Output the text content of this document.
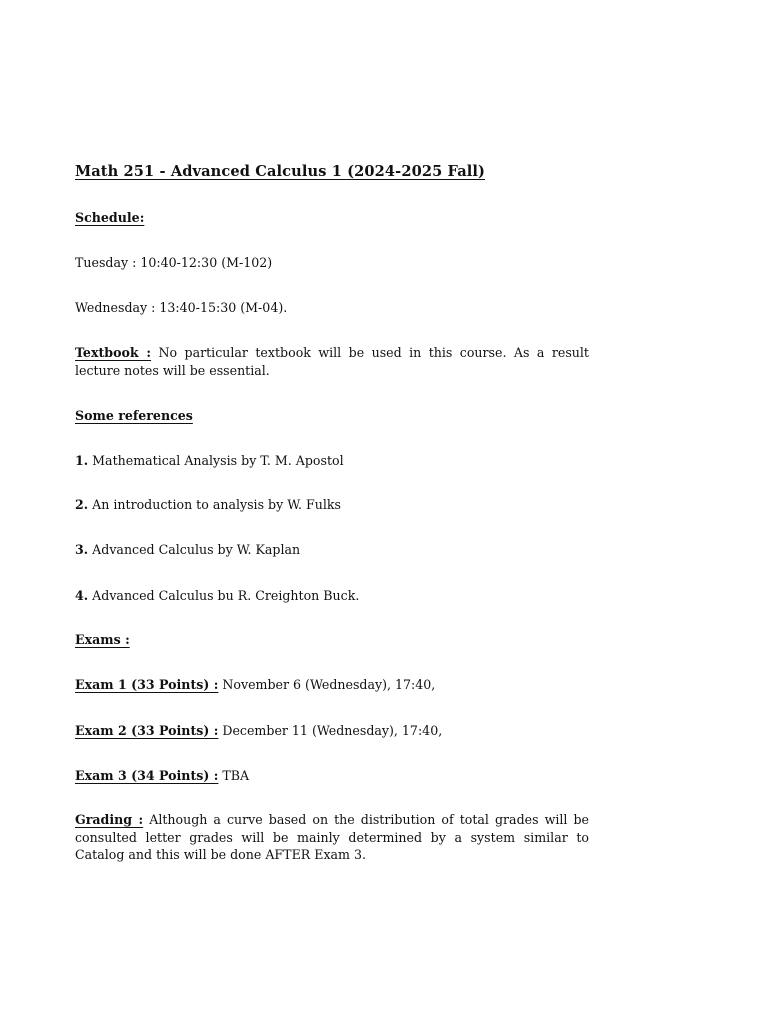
Math 251 - Advanced Calculus 1 (2024-2025 Fall)
Schedule:
Tuesday : 10:40-12:30 (M-102)
Wednesday : 13:40-15:30 (M-04).
Textbook : No particular textbook will be used in this course. As a result lecture notes will be essential.
Some references
1. Mathematical Analysis by T. M. Apostol
2. An introduction to analysis by W. Fulks
3. Advanced Calculus by W. Kaplan
4. Advanced Calculus bu R. Creighton Buck.
Exams :
Exam 1 (33 Points) : November 6 (Wednesday), 17:40,
Exam 2 (33 Points) : December 11 (Wednesday), 17:40,
Exam 3 (34 Points) : TBA
Grading : Although a curve based on the distribution of total grades will be consulted letter grades will be mainly determined by a system similar to Catalog and this will be done AFTER Exam 3.
